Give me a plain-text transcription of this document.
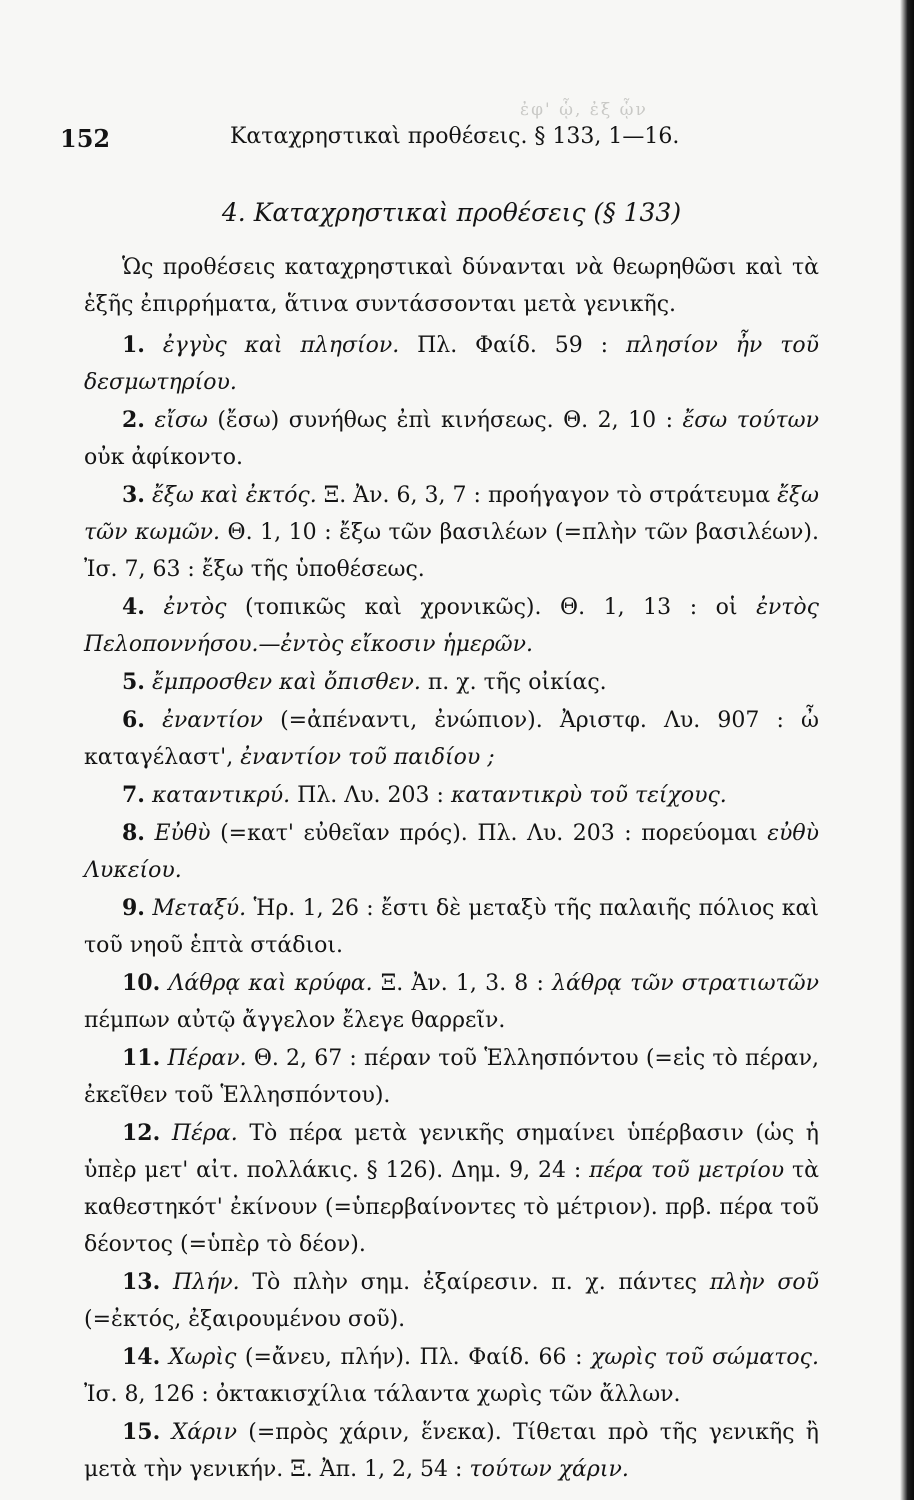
ἐφ' ᾧ, ἐξ ᾧν
152	Καταχρηστικαὶ προθέσεις. § 133, 1—16.
4. Καταχρηστικαὶ προθέσεις (§ 133)

Ὡς προθέσεις καταχρηστικαὶ δύνανται νὰ θεωρηθῶσι καὶ τὰ ἑξῆς ἐπιρρήματα, ἅτινα συντάσσονται μετὰ γενικῆς.

1. ἐγγὺς καὶ πλησίον. Πλ. Φαίδ. 59 : πλησίον ἦν τοῦ δεσμωτηρίου.

2. εἴσω (ἔσω) συνήθως ἐπὶ κινήσεως. Θ. 2, 10 : ἔσω τούτων οὐκ ἀφίκοντο.

3. ἔξω καὶ ἐκτός. Ξ. Ἀν. 6, 3, 7 : προήγαγον τὸ στράτευμα ἔξω τῶν κωμῶν. Θ. 1, 10 : ἔξω τῶν βασιλέων (=πλὴν τῶν βασιλέων). Ἰσ. 7, 63 : ἔξω τῆς ὑποθέσεως.

4. ἐντὸς (τοπικῶς καὶ χρονικῶς). Θ. 1, 13 : οἱ ἐντὸς Πελοποννήσου.—ἐντὸς εἴκοσιν ἡμερῶν.

5. ἔμπροσθεν καὶ ὄπισθεν. π. χ. τῆς οἰκίας.

6. ἐναντίον (=ἀπέναντι, ἐνώπιον). Ἀριστφ. Λυ. 907 : ὦ καταγέλαστ', ἐναντίον τοῦ παιδίου ;

7. καταντικρύ. Πλ. Λυ. 203 : καταντικρὺ τοῦ τείχους.

8. Εὐθὺ (=κατ' εὐθεῖαν πρός). Πλ. Λυ. 203 : πορεύομαι εὐθὺ Λυκείου.

9. Μεταξύ. Ἡρ. 1, 26 : ἔστι δὲ μεταξὺ τῆς παλαιῆς πόλιος καὶ τοῦ νηοῦ ἑπτὰ στάδιοι.

10. Λάθρᾳ καὶ κρύφα. Ξ. Ἀν. 1, 3. 8 : λάθρᾳ τῶν στρατιωτῶν πέμπων αὐτῷ ἄγγελον ἔλεγε θαρρεῖν.

11. Πέραν. Θ. 2, 67 : πέραν τοῦ Ἑλλησπόντου (=εἰς τὸ πέραν, ἐκεῖθεν τοῦ Ἑλλησπόντου).

12. Πέρα. Τὸ πέρα μετὰ γενικῆς σημαίνει ὑπέρβασιν (ὡς ἡ ὑπὲρ μετ' αἰτ. πολλάκις. § 126). Δημ. 9, 24 : πέρα τοῦ μετρίου τὰ καθεστηκότ' ἐκίνουν (=ὑπερβαίνοντες τὸ μέτριον). πρβ. πέρα τοῦ δέοντος (=ὑπὲρ τὸ δέον).

13. Πλήν. Τὸ πλὴν σημ. ἐξαίρεσιν. π. χ. πάντες πλὴν σοῦ (=ἐκτός, ἐξαιρουμένου σοῦ).

14. Χωρὶς (=ἄνευ, πλήν). Πλ. Φαίδ. 66 : χωρὶς τοῦ σώματος. Ἰσ. 8, 126 : ὀκτακισχίλια τάλαντα χωρὶς τῶν ἄλλων.

15. Χάριν (=πρὸς χάριν, ἕνεκα). Τίθεται πρὸ τῆς γενικῆς ἢ μετὰ τὴν γενικήν. Ξ. Ἀπ. 1, 2, 54 : τούτων χάριν.
